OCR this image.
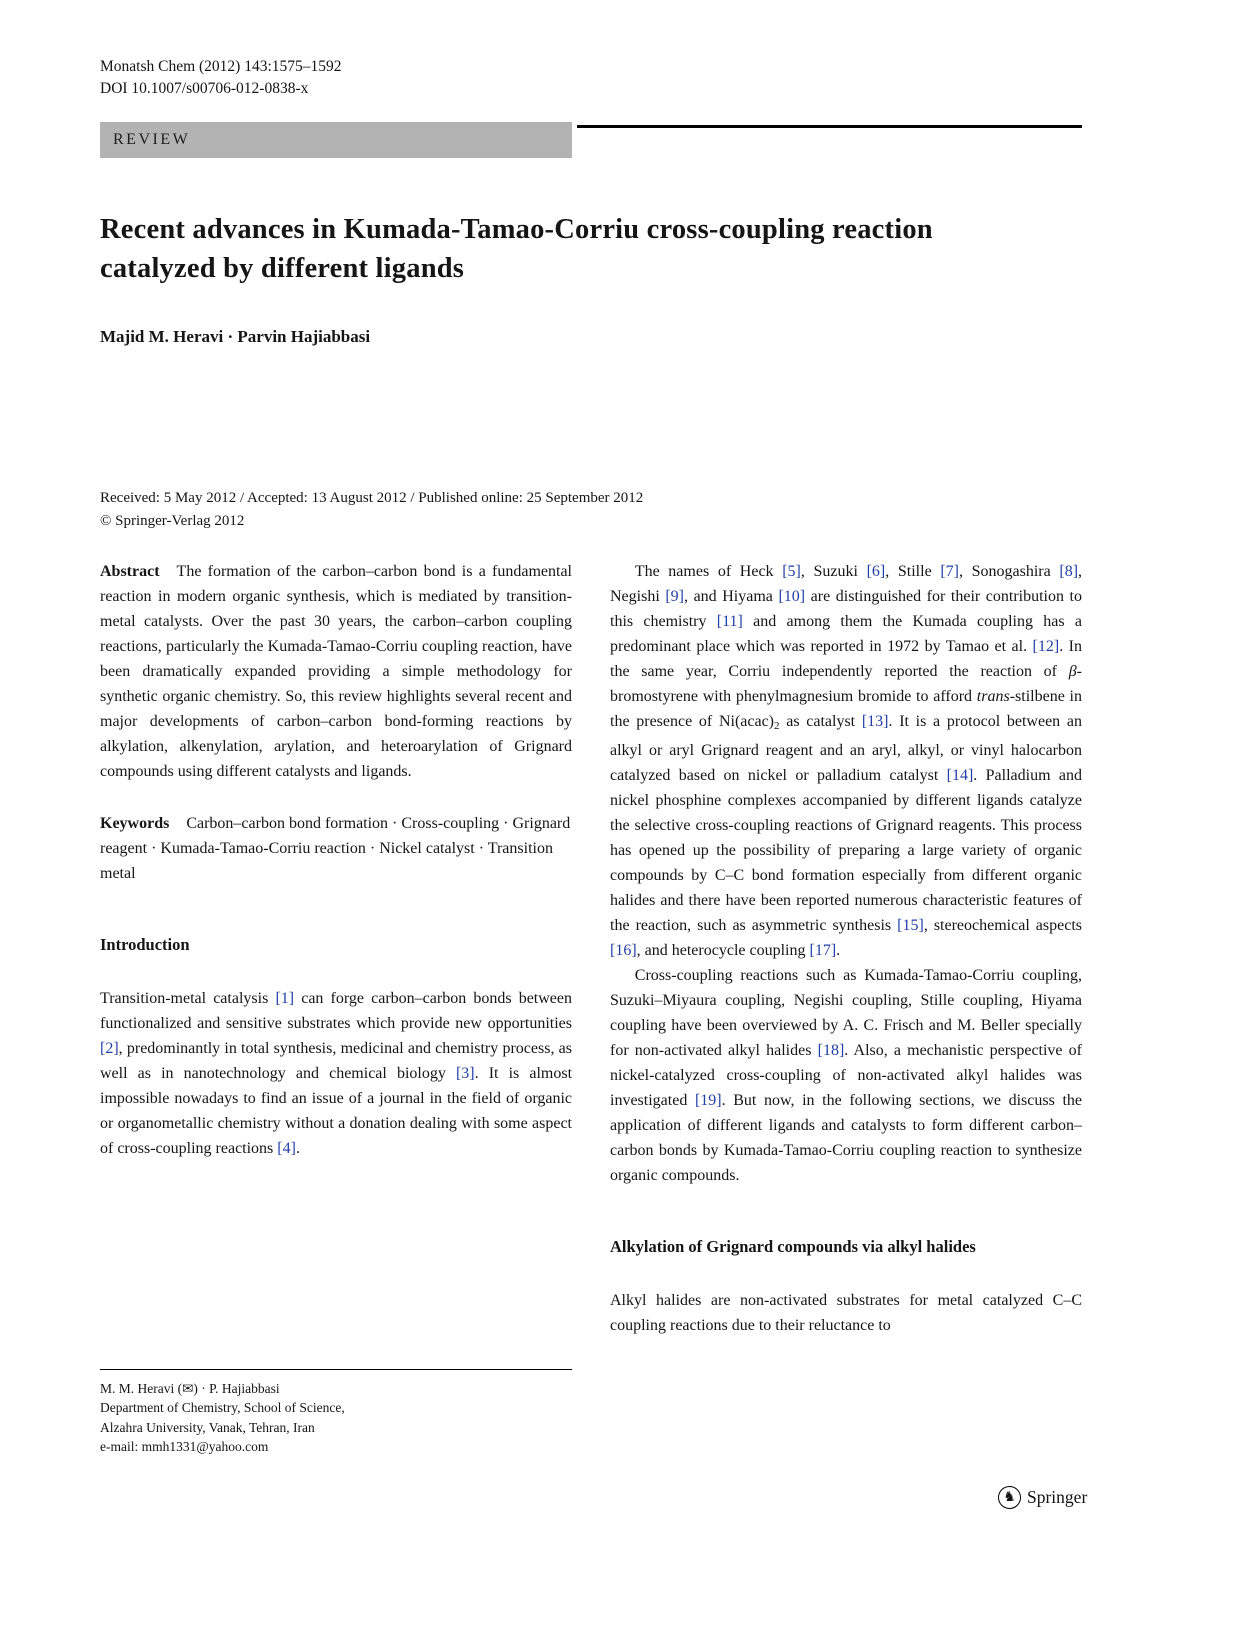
Monatsh Chem (2012) 143:1575–1592
DOI 10.1007/s00706-012-0838-x
REVIEW
Recent advances in Kumada-Tamao-Corriu cross-coupling reaction catalyzed by different ligands
Majid M. Heravi · Parvin Hajiabbasi
Received: 5 May 2012 / Accepted: 13 August 2012 / Published online: 25 September 2012
© Springer-Verlag 2012

Abstract The formation of the carbon–carbon bond is a fundamental reaction in modern organic synthesis, which is mediated by transition-metal catalysts. Over the past 30 years, the carbon–carbon coupling reactions, particularly the Kumada-Tamao-Corriu coupling reaction, have been dramatically expanded providing a simple methodology for synthetic organic chemistry. So, this review highlights several recent and major developments of carbon–carbon bond-forming reactions by alkylation, alkenylation, arylation, and heteroarylation of Grignard compounds using different catalysts and ligands.

Keywords Carbon–carbon bond formation · Cross-coupling · Grignard reagent · Kumada-Tamao-Corriu reaction · Nickel catalyst · Transition metal

Introduction

Transition-metal catalysis [1] can forge carbon–carbon bonds between functionalized and sensitive substrates which provide new opportunities [2], predominantly in total synthesis, medicinal and chemistry process, as well as in nanotechnology and chemical biology [3]. It is almost impossible nowadays to find an issue of a journal in the field of organic or organometallic chemistry without a donation dealing with some aspect of cross-coupling reactions [4].

M. M. Heravi (✉) · P. Hajiabbasi
Department of Chemistry, School of Science,
Alzahra University, Vanak, Tehran, Iran
e-mail: mmh1331@yahoo.com

The names of Heck [5], Suzuki [6], Stille [7], Sonogashira [8], Negishi [9], and Hiyama [10] are distinguished for their contribution to this chemistry [11] and among them the Kumada coupling has a predominant place which was reported in 1972 by Tamao et al. [12]. In the same year, Corriu independently reported the reaction of β-bromostyrene with phenylmagnesium bromide to afford trans-stilbene in the presence of $Ni(acac)_2$ as catalyst [13]. It is a protocol between an alkyl or aryl Grignard reagent and an aryl, alkyl, or vinyl halocarbon catalyzed based on nickel or palladium catalyst [14]. Palladium and nickel phosphine complexes accompanied by different ligands catalyze the selective cross-coupling reactions of Grignard reagents. This process has opened up the possibility of preparing a large variety of organic compounds by C–C bond formation especially from different organic halides and there have been reported numerous characteristic features of the reaction, such as asymmetric synthesis [15], stereochemical aspects [16], and heterocycle coupling [17].

Cross-coupling reactions such as Kumada-Tamao-Corriu coupling, Suzuki–Miyaura coupling, Negishi coupling, Stille coupling, Hiyama coupling have been overviewed by A. C. Frisch and M. Beller specially for non-activated alkyl halides [18]. Also, a mechanistic perspective of nickel-catalyzed cross-coupling of non-activated alkyl halides was investigated [19]. But now, in the following sections, we discuss the application of different ligands and catalysts to form different carbon–carbon bonds by Kumada-Tamao-Corriu coupling reaction to synthesize organic compounds.

Alkylation of Grignard compounds via alkyl halides

Alkyl halides are non-activated substrates for metal catalyzed C–C coupling reactions due to their reluctance to

♞ Springer
